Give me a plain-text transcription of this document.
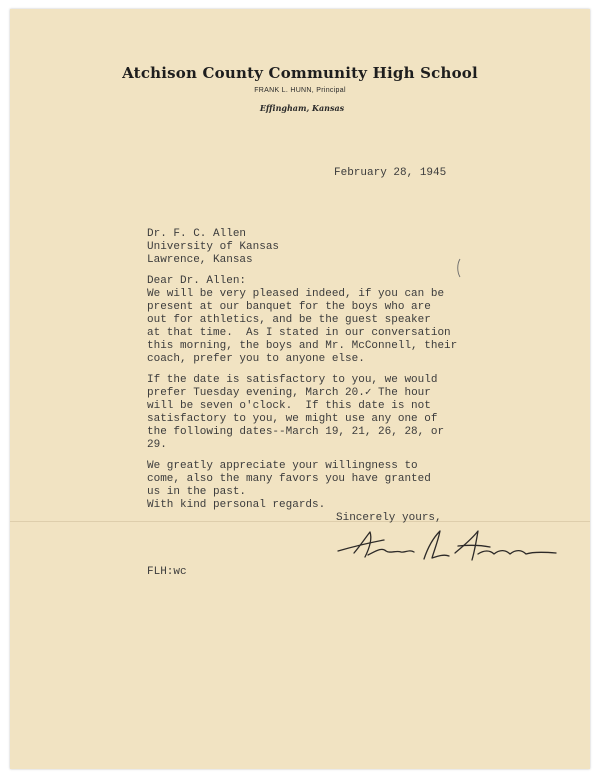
Atchison County Community High School
FRANK L. HUNN, Principal
Effingham, Kansas
February 28, 1945
Dr. F. C. Allen
University of Kansas
Lawrence, Kansas
Dear Dr. Allen:
We will be very pleased indeed, if you can be
present at our banquet for the boys who are
out for athletics, and be the guest speaker
at that time.  As I stated in our conversation
this morning, the boys and Mr. McConnell, their
coach, prefer you to anyone else.
If the date is satisfactory to you, we would
prefer Tuesday evening, March 20.✓ The hour
will be seven o'clock.  If this date is not
satisfactory to you, we might use any one of
the following dates--March 19, 21, 26, 28, or
29.
We greatly appreciate your willingness to
come, also the many favors you have granted
us in the past.
With kind personal regards.
Sincerely yours,
FLH:wc
